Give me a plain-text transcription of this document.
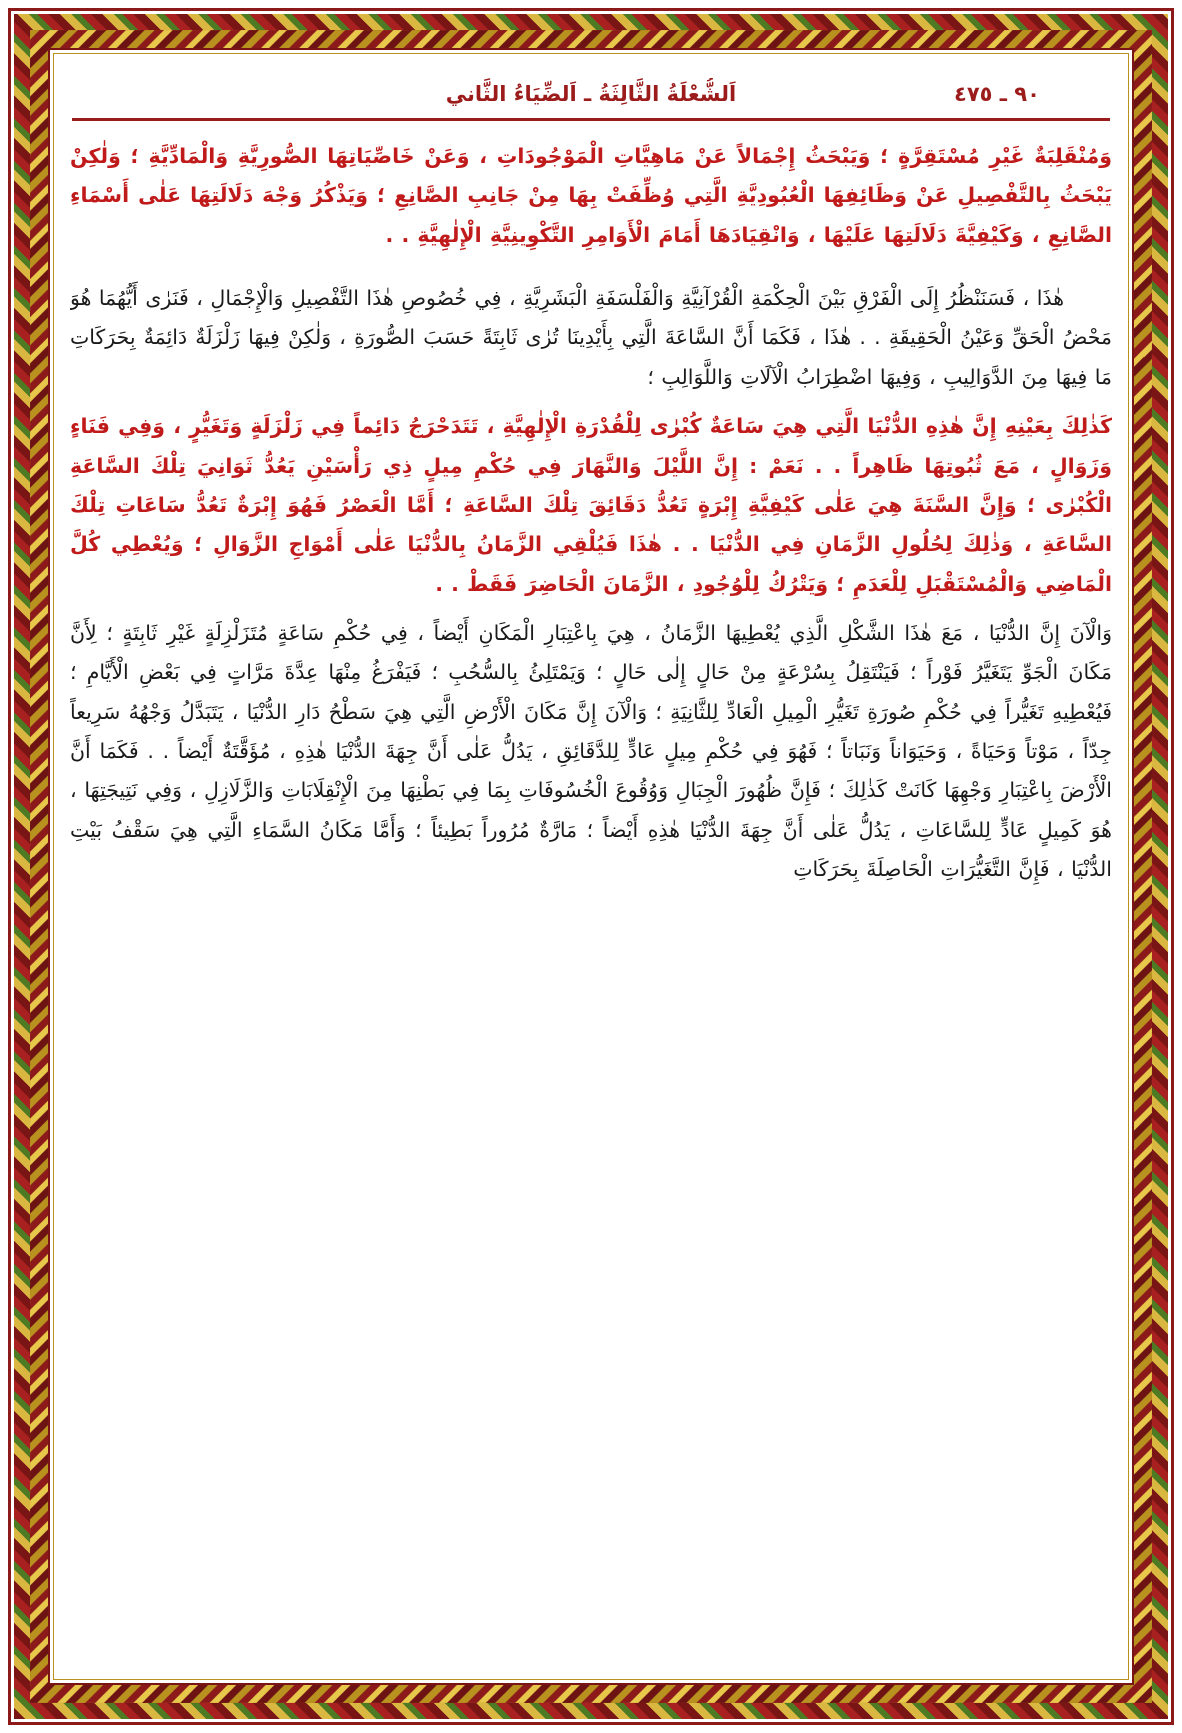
٩٠ ـ ٤٧٥
اَلشُّعْلَةُ الثَّالِثَةُ ـ اَلضِّيَاءُ الثَّاني

وَمُنْقَلِبَةٌ غَيْرِ مُسْتَقِرَّةٍ ؛ وَيَبْحَثُ إِجْمَالاً عَنْ مَاهِيَّاتِ الْمَوْجُودَاتِ ، وَعَنْ خَاصِّيَاتِهَا الصُّورِيَّةِ وَالْمَادِّيَّةِ ؛ وَلٰكِنْ يَبْحَثُ بِالتَّفْصِيلِ عَنْ وَظَائِفِهَا الْعُبُودِيَّةِ الَّتِي وُظِّفَتْ بِهَا مِنْ جَانِبِ الصَّانِعِ ؛ وَيَذْكُرُ وَجْهَ دَلَالَتِهَا عَلٰى أَسْمَاءِ الصَّانِعِ ، وَكَيْفِيَّةَ دَلَالَتِهَا عَلَيْهَا ، وَانْقِيَادَهَا أَمَامَ الْأَوَامِرِ التَّكْوِينِيَّةِ الْإِلٰهِيَّةِ . .

هٰذَا ، فَسَنَنْظُرُ إِلَى الْفَرْقِ بَيْنَ الْحِكْمَةِ الْقُرْآنِيَّةِ وَالْفَلْسَفَةِ الْبَشَرِيَّةِ ، فِي خُصُوصِ هٰذَا التَّفْصِيلِ وَالْإِجْمَالِ ، فَنَرٰى أَيُّهُمَا هُوَ مَحْضُ الْحَقِّ وَعَيْنُ الْحَقِيقَةِ . . هٰذَا ، فَكَمَا أَنَّ السَّاعَةَ الَّتِي بِأَيْدِينَا تُرٰى ثَابِتَةً حَسَبَ الصُّورَةِ ، وَلٰكِنْ فِيهَا زَلْزَلَةٌ دَائِمَةٌ بِحَرَكَاتِ مَا فِيهَا مِنَ الدَّوَالِيبِ ، وَفِيهَا اضْطِرَابُ الْآلَاتِ وَاللَّوَالِبِ ؛

كَذٰلِكَ بِعَيْنِهِ إِنَّ هٰذِهِ الدُّنْيَا الَّتِي هِيَ سَاعَةٌ كُبْرٰى لِلْقُدْرَةِ الْإِلٰهِيَّةِ ، تَتَدَحْرَجُ دَائِماً فِي زَلْزَلَةٍ وَتَغَيُّرٍ ، وَفِي فَنَاءٍ وَزَوَالٍ ، مَعَ ثُبُوتِهَا ظَاهِراً . . نَعَمْ : إِنَّ اللَّيْلَ وَالنَّهَارَ فِي حُكْمِ مِيلٍ ذِي رَأْسَيْنِ يَعُدُّ ثَوَانِيَ تِلْكَ السَّاعَةِ الْكُبْرٰى ؛ وَإِنَّ السَّنَةَ هِيَ عَلٰى كَيْفِيَّةِ إِبْرَةٍ تَعُدُّ دَقَائِقَ تِلْكَ السَّاعَةِ ؛ أَمَّا الْعَصْرُ فَهُوَ إِبْرَةٌ تَعُدُّ سَاعَاتِ تِلْكَ السَّاعَةِ ، وَذٰلِكَ لِحُلُولِ الزَّمَانِ فِي الدُّنْيَا . . هٰذَا فَيُلْقِي الزَّمَانُ بِالدُّنْيَا عَلٰى أَمْوَاجِ الزَّوَالِ ؛ وَيُعْطِي كُلَّ الْمَاضِي وَالْمُسْتَقْبَلِ لِلْعَدَمِ ؛ وَيَتْرُكُ لِلْوُجُودِ ، الزَّمَانَ الْحَاضِرَ فَقَطْ . .

وَالْآنَ إِنَّ الدُّنْيَا ، مَعَ هٰذَا الشَّكْلِ الَّذِي يُعْطِيهَا الزَّمَانُ ، هِيَ بِاعْتِبَارِ الْمَكَانِ أَيْضاً ، فِي حُكْمِ سَاعَةٍ مُتَزَلْزِلَةٍ غَيْرِ ثَابِتَةٍ ؛ لِأَنَّ مَكَانَ الْجَوِّ يَتَغَيَّرُ فَوْراً ؛ فَيَنْتَقِلُ بِسُرْعَةٍ مِنْ حَالٍ إِلٰى حَالٍ ؛ وَيَمْتَلِئُ بِالسُّحُبِ ؛ فَيَفْرَغُ مِنْهَا عِدَّةَ مَرَّاتٍ فِي بَعْضِ الْأَيَّامِ ؛ فَيُعْطِيهِ تَغَيُّراً فِي حُكْمِ صُورَةِ تَغَيُّرِ الْمِيلِ الْعَادِّ لِلثَّانِيَةِ ؛ وَالْآنَ إِنَّ مَكَانَ الْأَرْضِ الَّتِي هِيَ سَطْحُ دَارِ الدُّنْيَا ، يَتَبَدَّلُ وَجْهُهُ سَرِيعاً جِدّاً ، مَوْتاً وَحَيَاةً ، وَحَيَوَاناً وَنَبَاتاً ؛ فَهُوَ فِي حُكْمِ مِيلٍ عَادٍّ لِلدَّقَائِقِ ، يَدُلُّ عَلٰى أَنَّ جِهَةَ الدُّنْيَا هٰذِهِ ، مُؤَقَّتَةٌ أَيْضاً . . فَكَمَا أَنَّ الْأَرْضَ بِاعْتِبَارِ وَجْهِهَا كَانَتْ كَذٰلِكَ ؛ فَإِنَّ ظُهُورَ الْجِبَالِ وَوُقُوعَ الْخُسُوفَاتِ بِمَا فِي بَطْنِهَا مِنَ الْإِنْقِلَابَاتِ وَالزَّلَازِلِ ، وَفِي نَتِيجَتِهَا ، هُوَ كَمِيلٍ عَادٍّ لِلسَّاعَاتِ ، يَدُلُّ عَلٰى أَنَّ جِهَةَ الدُّنْيَا هٰذِهِ أَيْضاً ؛ مَارَّةٌ مُرُوراً بَطِيئاً ؛ وَأَمَّا مَكَانُ السَّمَاءِ الَّتِي هِيَ سَقْفُ بَيْتِ الدُّنْيَا ، فَإِنَّ التَّغَيُّرَاتِ الْحَاصِلَةَ بِحَرَكَاتِ
